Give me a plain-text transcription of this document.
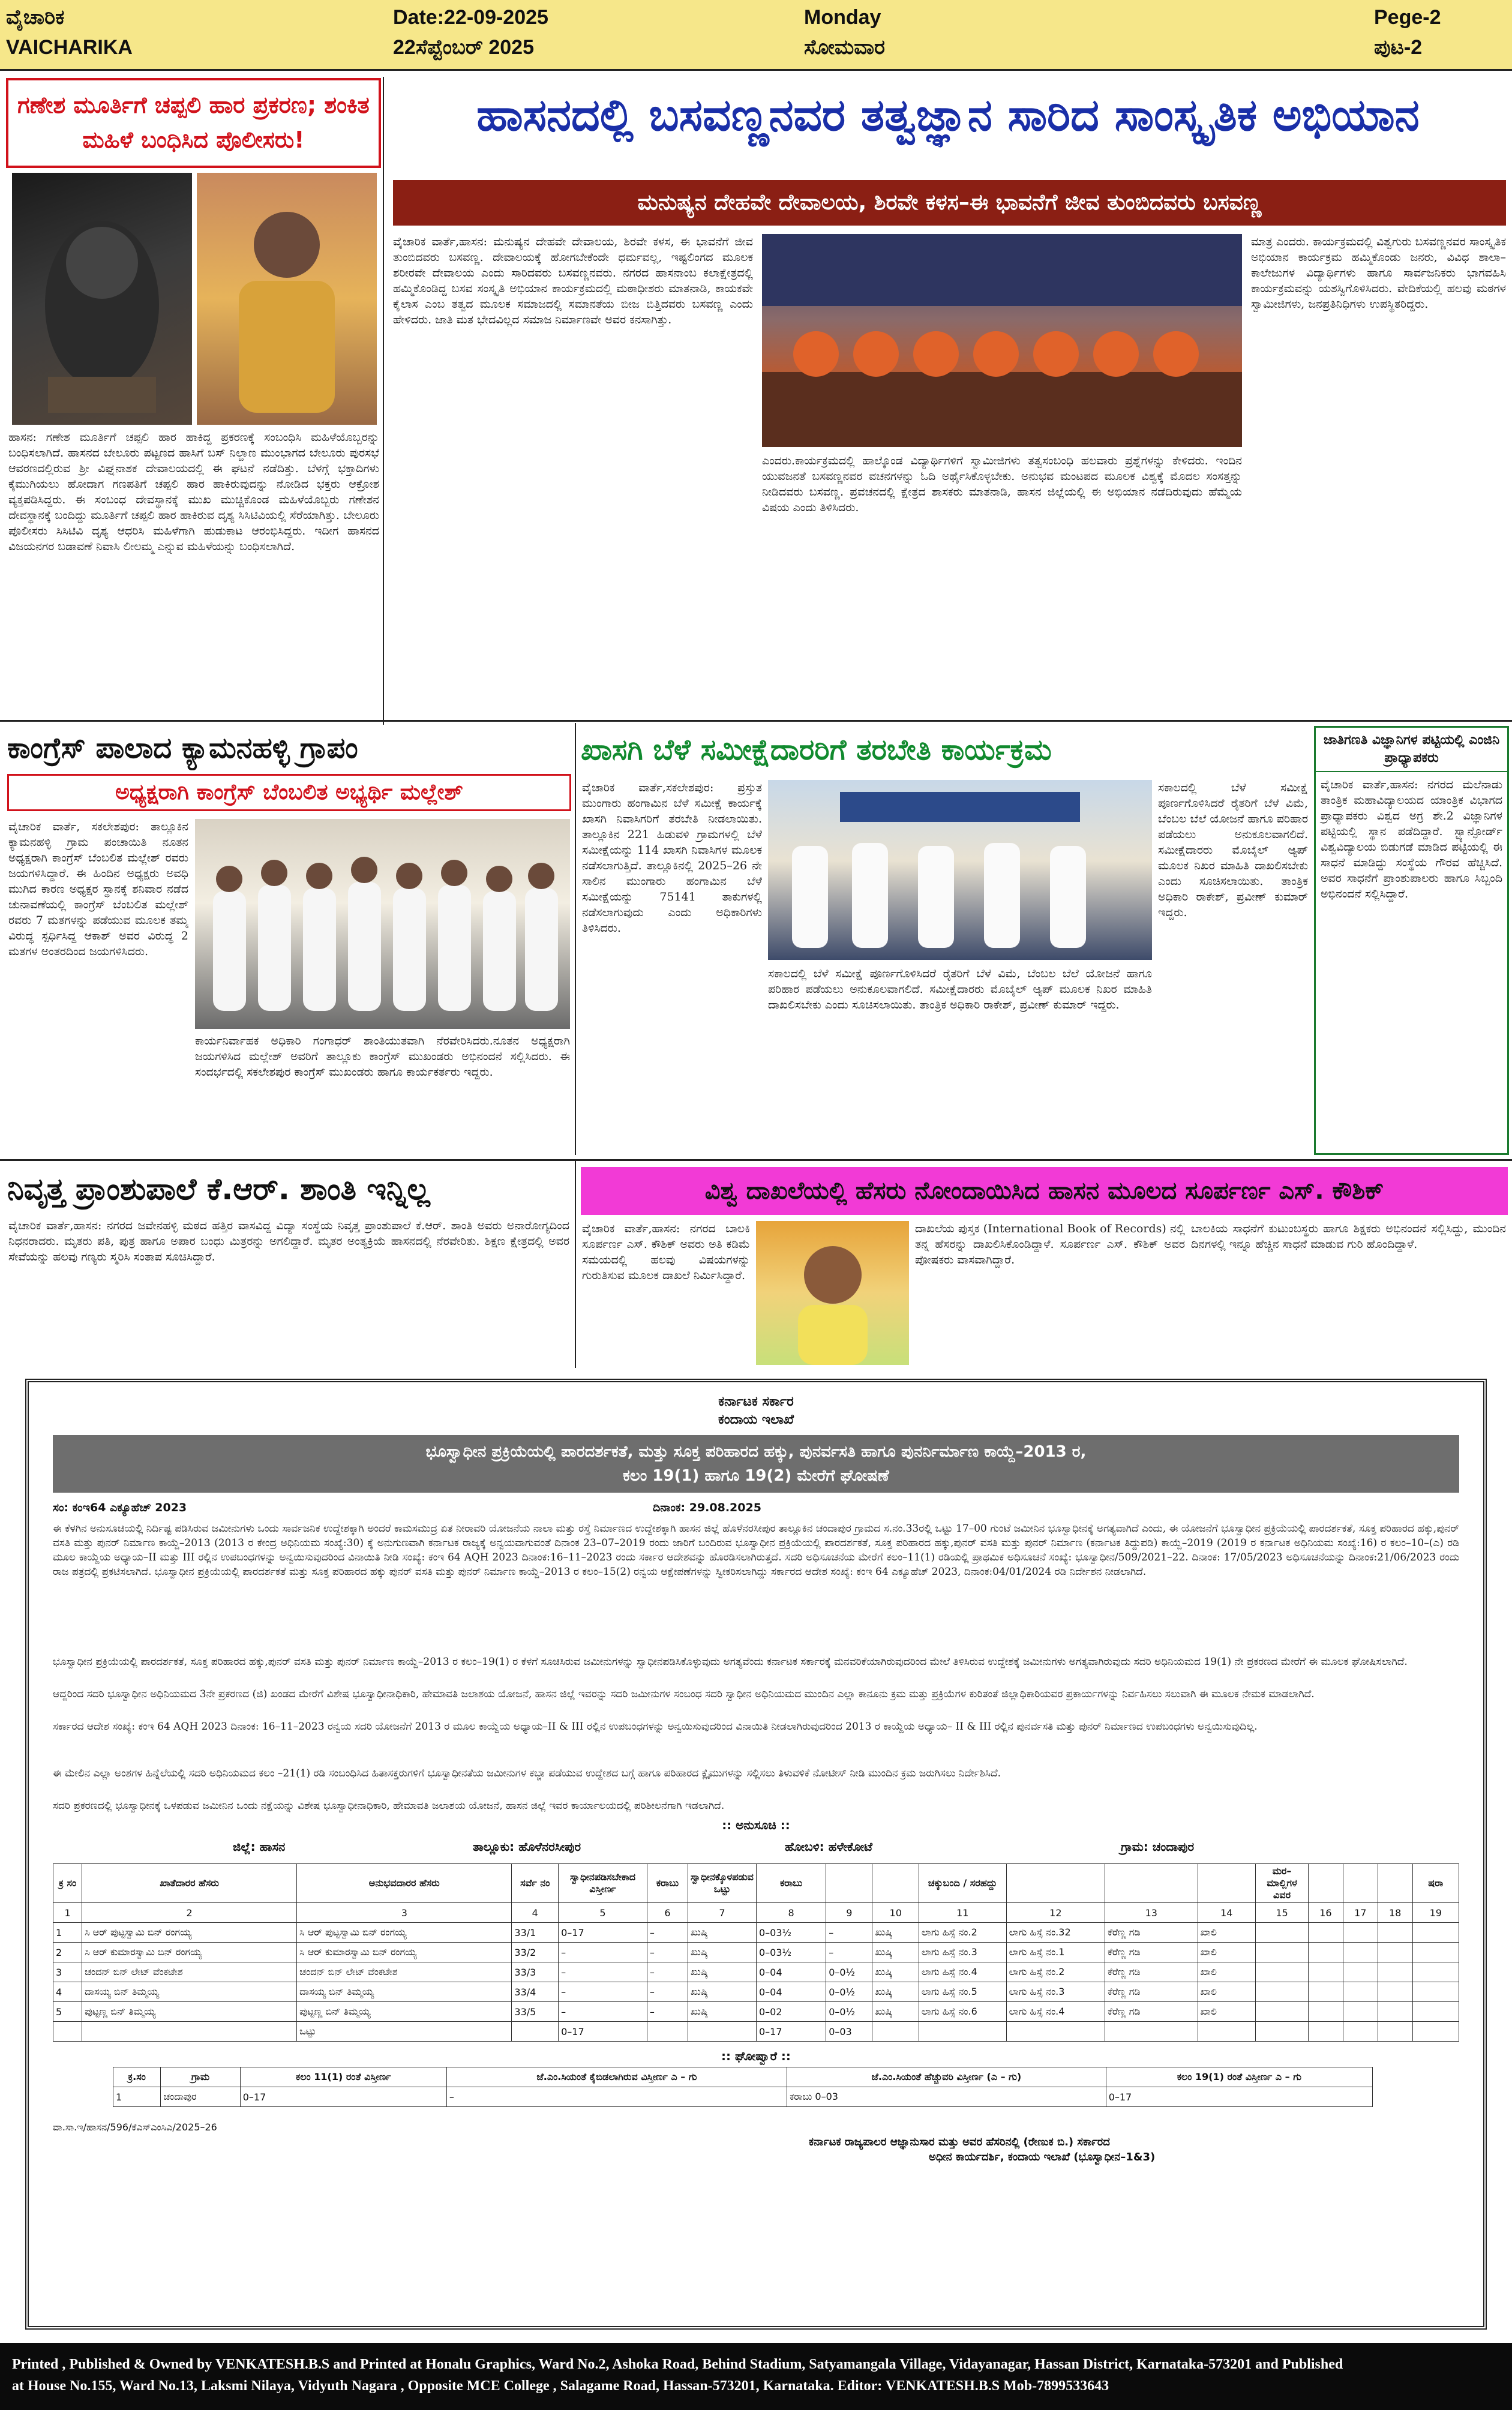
ವೈಚಾರಿಕ
VAICHARIKA
Date:22-09-2025
22ಸೆಪ್ಟೆಂಬರ್ 2025
Monday
ಸೋಮವಾರ
Pege-2
ಪುಟ-2
ಗಣೇಶ ಮೂರ್ತಿಗೆ ಚಪ್ಪಲಿ ಹಾರ ಪ್ರಕರಣ; ಶಂಕಿತ ಮಹಿಳೆ ಬಂಧಿಸಿದ ಪೊಲೀಸರು!
ಹಾಸನ: ಗಣೇಶ ಮೂರ್ತಿಗೆ ಚಪ್ಪಲಿ ಹಾರ ಹಾಕಿದ್ದ ಪ್ರಕರಣಕ್ಕೆ ಸಂಬಂಧಿಸಿ ಮಹಿಳೆಯೊಬ್ಬರನ್ನು ಬಂಧಿಸಲಾಗಿದೆ. ಹಾಸನದ ಬೇಲೂರು ಪಟ್ಟಣದ ಹಾಸಿಗೆ ಬಸ್ ನಿಲ್ದಾಣ ಮುಂಭಾಗದ ಬೇಲೂರು ಪುರಸಭೆ ಆವರಣದಲ್ಲಿರುವ ಶ್ರೀ ವಿಘ್ನನಾಶಕ ದೇವಾಲಯದಲ್ಲಿ ಈ ಘಟನೆ ನಡೆದಿತ್ತು. ಬೆಳಗ್ಗೆ ಭಕ್ತಾದಿಗಳು ಕೈಮುಗಿಯಲು ಹೋದಾಗ ಗಣಪತಿಗೆ ಚಪ್ಪಲಿ ಹಾರ ಹಾಕಿರುವುದನ್ನು ನೋಡಿದ ಭಕ್ತರು ಆಕ್ರೋಶ ವ್ಯಕ್ತಪಡಿಸಿದ್ದರು. ಈ ಸಂಬಂಧ ದೇವಸ್ಥಾನಕ್ಕೆ ಮುಖ ಮುಚ್ಚಿಕೊಂಡ ಮಹಿಳೆಯೊಬ್ಬರು ಗಣೇಶನ ದೇವಸ್ಥಾನಕ್ಕೆ ಬಂದಿದ್ದು ಮೂರ್ತಿಗೆ ಚಪ್ಪಲಿ ಹಾರ ಹಾಕಿರುವ ದೃಶ್ಯ ಸಿಸಿಟಿವಿಯಲ್ಲಿ ಸೆರೆಯಾಗಿತ್ತು. ಬೇಲೂರು ಪೊಲೀಸರು ಸಿಸಿಟಿವಿ ದೃಶ್ಯ ಆಧರಿಸಿ ಮಹಿಳೆಗಾಗಿ ಹುಡುಕಾಟ ಆರಂಭಿಸಿದ್ದರು. ಇದೀಗ ಹಾಸನದ ವಿಜಯನಗರ ಬಡಾವಣೆ ನಿವಾಸಿ ಲೀಲಮ್ಮ ಎನ್ನುವ ಮಹಿಳೆಯನ್ನು ಬಂಧಿಸಲಾಗಿದೆ.
ಹಾಸನದಲ್ಲಿ ಬಸವಣ್ಣನವರ ತತ್ವಜ್ಞಾನ ಸಾರಿದ ಸಾಂಸ್ಕೃತಿಕ ಅಭಿಯಾನ
ಮನುಷ್ಯನ ದೇಹವೇ ದೇವಾಲಯ, ಶಿರವೇ ಕಳಸ–ಈ ಭಾವನೆಗೆ ಜೀವ ತುಂಬಿದವರು ಬಸವಣ್ಣ
ವೈಚಾರಿಕ ವಾರ್ತೆ,ಹಾಸನ: ಮನುಷ್ಯನ ದೇಹವೇ ದೇವಾಲಯ, ಶಿರವೇ ಕಳಸ, ಈ ಭಾವನೆಗೆ ಜೀವ ತುಂಬಿದವರು ಬಸವಣ್ಣ. ದೇವಾಲಯಕ್ಕೆ ಹೋಗಬೇಕೆಂದೇ ಧರ್ಮವಲ್ಲ, ಇಷ್ಟಲಿಂಗದ ಮೂಲಕ ಶರೀರವೇ ದೇವಾಲಯ ಎಂದು ಸಾರಿದವರು ಬಸವಣ್ಣನವರು. ನಗರದ ಹಾಸನಾಂಬ ಕಲಾಕ್ಷೇತ್ರದಲ್ಲಿ ಹಮ್ಮಿಕೊಂಡಿದ್ದ ಬಸವ ಸಂಸ್ಕೃತಿ ಅಭಿಯಾನ ಕಾರ್ಯಕ್ರಮದಲ್ಲಿ ಮಠಾಧೀಶರು ಮಾತನಾಡಿ, ಕಾಯಕವೇ ಕೈಲಾಸ ಎಂಬ ತತ್ವದ ಮೂಲಕ ಸಮಾಜದಲ್ಲಿ ಸಮಾನತೆಯ ಬೀಜ ಬಿತ್ತಿದವರು ಬಸವಣ್ಣ ಎಂದು ಹೇಳಿದರು. ಜಾತಿ ಮತ ಭೇದವಿಲ್ಲದ ಸಮಾಜ ನಿರ್ಮಾಣವೇ ಅವರ ಕನಸಾಗಿತ್ತು.
ಎಂದರು.ಕಾರ್ಯಕ್ರಮದಲ್ಲಿ ಹಾಲ್ಕೊಂಡ ವಿದ್ಯಾರ್ಥಿಗಳಿಗೆ ಸ್ವಾಮೀಜಿಗಳು ತತ್ವಸಂಬಂಧಿ ಹಲವಾರು ಪ್ರಶ್ನೆಗಳನ್ನು ಕೇಳಿದರು. ಇಂದಿನ ಯುವಜನತೆ ಬಸವಣ್ಣನವರ ವಚನಗಳನ್ನು ಓದಿ ಅರ್ಥೈಸಿಕೊಳ್ಳಬೇಕು. ಅನುಭವ ಮಂಟಪದ ಮೂಲಕ ವಿಶ್ವಕ್ಕೆ ಮೊದಲ ಸಂಸತ್ತನ್ನು ನೀಡಿದವರು ಬಸವಣ್ಣ. ಪ್ರವಚನದಲ್ಲಿ ಕ್ಷೇತ್ರದ ಶಾಸಕರು ಮಾತನಾಡಿ, ಹಾಸನ ಜಿಲ್ಲೆಯಲ್ಲಿ ಈ ಅಭಿಯಾನ ನಡೆದಿರುವುದು ಹೆಮ್ಮೆಯ ವಿಷಯ ಎಂದು ತಿಳಿಸಿದರು.
ಮಾತ್ರ ಎಂದರು. ಕಾರ್ಯಕ್ರಮದಲ್ಲಿ ವಿಶ್ವಗುರು ಬಸವಣ್ಣನವರ ಸಾಂಸ್ಕೃತಿಕ ಅಭಿಯಾನ ಕಾರ್ಯಕ್ರಮ ಹಮ್ಮಿಕೊಂಡು ಜನರು, ವಿವಿಧ ಶಾಲಾ–ಕಾಲೇಜುಗಳ ವಿದ್ಯಾರ್ಥಿಗಳು ಹಾಗೂ ಸಾರ್ವಜನಿಕರು ಭಾಗವಹಿಸಿ ಕಾರ್ಯಕ್ರಮವನ್ನು ಯಶಸ್ವಿಗೊಳಿಸಿದರು. ವೇದಿಕೆಯಲ್ಲಿ ಹಲವು ಮಠಗಳ ಸ್ವಾಮೀಜಿಗಳು, ಜನಪ್ರತಿನಿಧಿಗಳು ಉಪಸ್ಥಿತರಿದ್ದರು.
ಕಾಂಗ್ರೆಸ್ ಪಾಲಾದ ಕ್ಯಾಮನಹಳ್ಳಿ ಗ್ರಾಪಂ
ಅಧ್ಯಕ್ಷರಾಗಿ ಕಾಂಗ್ರೆಸ್ ಬೆಂಬಲಿತ ಅಭ್ಯರ್ಥಿ ಮಲ್ಲೇಶ್
ವೈಚಾರಿಕ ವಾರ್ತೆ, ಸಕಲೇಶಪುರ: ತಾಲ್ಲೂಕಿನ ಕ್ಯಾಮನಹಳ್ಳಿ ಗ್ರಾಮ ಪಂಚಾಯಿತಿ ನೂತನ ಅಧ್ಯಕ್ಷರಾಗಿ ಕಾಂಗ್ರೆಸ್ ಬೆಂಬಲಿತ ಮಲ್ಲೇಶ್ ರವರು ಜಯಗಳಿಸಿದ್ದಾರೆ. ಈ ಹಿಂದಿನ ಅಧ್ಯಕ್ಷರು ಅವಧಿ ಮುಗಿದ ಕಾರಣ ಅಧ್ಯಕ್ಷರ ಸ್ಥಾನಕ್ಕೆ ಶನಿವಾರ ನಡೆದ ಚುನಾವಣೆಯಲ್ಲಿ ಕಾಂಗ್ರೆಸ್ ಬೆಂಬಲಿತ ಮಲ್ಲೇಶ್ ರವರು 7 ಮತಗಳನ್ನು ಪಡೆಯುವ ಮೂಲಕ ತಮ್ಮ ವಿರುದ್ಧ ಸ್ಪರ್ಧಿಸಿದ್ದ ಆಕಾಶ್ ಅವರ ವಿರುದ್ಧ 2 ಮತಗಳ ಅಂತರದಿಂದ ಜಯಗಳಿಸಿದರು.
ಕಾರ್ಯನಿರ್ವಾಹಕ ಅಧಿಕಾರಿ ಗಂಗಾಧರ್ ಶಾಂತಿಯುತವಾಗಿ ನೆರವೇರಿಸಿದರು.ನೂತನ ಅಧ್ಯಕ್ಷರಾಗಿ ಜಯಗಳಿಸಿದ ಮಲ್ಲೇಶ್ ಅವರಿಗೆ ತಾಲ್ಲೂಕು ಕಾಂಗ್ರೆಸ್ ಮುಖಂಡರು ಅಭಿನಂದನೆ ಸಲ್ಲಿಸಿದರು. ಈ ಸಂದರ್ಭದಲ್ಲಿ ಸಕಲೇಶಪುರ ಕಾಂಗ್ರೆಸ್ ಮುಖಂಡರು ಹಾಗೂ ಕಾರ್ಯಕರ್ತರು ಇದ್ದರು.
ಖಾಸಗಿ ಬೆಳೆ ಸಮೀಕ್ಷೆದಾರರಿಗೆ ತರಬೇತಿ ಕಾರ್ಯಕ್ರಮ
ವೈಚಾರಿಕ ವಾರ್ತೆ,ಸಕಲೇಶಪುರ: ಪ್ರಸ್ತುತ ಮುಂಗಾರು ಹಂಗಾಮಿನ ಬೆಳೆ ಸಮೀಕ್ಷೆ ಕಾರ್ಯಕ್ಕೆ ಖಾಸಗಿ ನಿವಾಸಿಗರಿಗೆ ತರಬೇತಿ ನೀಡಲಾಯಿತು. ತಾಲ್ಲೂಕಿನ 221 ಹಿಡುವಳಿ ಗ್ರಾಮಗಳಲ್ಲಿ ಬೆಳೆ ಸಮೀಕ್ಷೆಯನ್ನು 114 ಖಾಸಗಿ ನಿವಾಸಿಗಳ ಮೂಲಕ ನಡೆಸಲಾಗುತ್ತಿದೆ. ತಾಲ್ಲೂಕಿನಲ್ಲಿ 2025–26 ನೇ ಸಾಲಿನ ಮುಂಗಾರು ಹಂಗಾಮಿನ ಬೆಳೆ ಸಮೀಕ್ಷೆಯನ್ನು 75141 ತಾಕುಗಳಲ್ಲಿ ನಡೆಸಲಾಗುವುದು ಎಂದು ಅಧಿಕಾರಿಗಳು ತಿಳಿಸಿದರು.
ಸಕಾಲದಲ್ಲಿ ಬೆಳೆ ಸಮೀಕ್ಷೆ ಪೂರ್ಣಗೊಳಿಸಿದರೆ ರೈತರಿಗೆ ಬೆಳೆ ವಿಮೆ, ಬೆಂಬಲ ಬೆಲೆ ಯೋಜನೆ ಹಾಗೂ ಪರಿಹಾರ ಪಡೆಯಲು ಅನುಕೂಲವಾಗಲಿದೆ. ಸಮೀಕ್ಷೆದಾರರು ಮೊಬೈಲ್ ಆ್ಯಪ್ ಮೂಲಕ ನಿಖರ ಮಾಹಿತಿ ದಾಖಲಿಸಬೇಕು ಎಂದು ಸೂಚಿಸಲಾಯಿತು. ತಾಂತ್ರಿಕ ಅಧಿಕಾರಿ ರಾಕೇಶ್, ಪ್ರವೀಣ್ ಕುಮಾರ್ ಇದ್ದರು.
ಸಕಾಲದಲ್ಲಿ ಬೆಳೆ ಸಮೀಕ್ಷೆ ಪೂರ್ಣಗೊಳಿಸಿದರೆ ರೈತರಿಗೆ ಬೆಳೆ ವಿಮೆ, ಬೆಂಬಲ ಬೆಲೆ ಯೋಜನೆ ಹಾಗೂ ಪರಿಹಾರ ಪಡೆಯಲು ಅನುಕೂಲವಾಗಲಿದೆ. ಸಮೀಕ್ಷೆದಾರರು ಮೊಬೈಲ್ ಆ್ಯಪ್ ಮೂಲಕ ನಿಖರ ಮಾಹಿತಿ ದಾಖಲಿಸಬೇಕು ಎಂದು ಸೂಚಿಸಲಾಯಿತು. ತಾಂತ್ರಿಕ ಅಧಿಕಾರಿ ರಾಕೇಶ್, ಪ್ರವೀಣ್ ಕುಮಾರ್ ಇದ್ದರು.
ಜಾತಿಗಣತಿ ವಿಜ್ಞಾನಿಗಳ ಪಟ್ಟಿಯಲ್ಲಿ ಎಂಜಿನಿ ಪ್ರಾಧ್ಯಾಪಕರು
ವೈಚಾರಿಕ ವಾರ್ತೆ,ಹಾಸನ: ನಗರದ ಮಲೆನಾಡು ತಾಂತ್ರಿಕ ಮಹಾವಿದ್ಯಾಲಯದ ಯಾಂತ್ರಿಕ ವಿಭಾಗದ ಪ್ರಾಧ್ಯಾಪಕರು ವಿಶ್ವದ ಅಗ್ರ ಶೇ.2 ವಿಜ್ಞಾನಿಗಳ ಪಟ್ಟಿಯಲ್ಲಿ ಸ್ಥಾನ ಪಡೆದಿದ್ದಾರೆ. ಸ್ಟ್ಯಾನ್ಫೋರ್ಡ್ ವಿಶ್ವವಿದ್ಯಾಲಯ ಬಿಡುಗಡೆ ಮಾಡಿದ ಪಟ್ಟಿಯಲ್ಲಿ ಈ ಸಾಧನೆ ಮಾಡಿದ್ದು ಸಂಸ್ಥೆಯ ಗೌರವ ಹೆಚ್ಚಿಸಿದೆ. ಅವರ ಸಾಧನೆಗೆ ಪ್ರಾಂಶುಪಾಲರು ಹಾಗೂ ಸಿಬ್ಬಂದಿ ಅಭಿನಂದನೆ ಸಲ್ಲಿಸಿದ್ದಾರೆ.
ನಿವೃತ್ತ ಪ್ರಾಂಶುಪಾಲೆ ಕೆ.ಆರ್. ಶಾಂತಿ ಇನ್ನಿಲ್ಲ
ವೈಚಾರಿಕ ವಾರ್ತೆ,ಹಾಸನ: ನಗರದ ಜವೇನಹಳ್ಳಿ ಮಠದ ಹತ್ತಿರ ವಾಸವಿದ್ದ ವಿದ್ಯಾ ಸಂಸ್ಥೆಯ ನಿವೃತ್ತ ಪ್ರಾಂಶುಪಾಲೆ ಕೆ.ಆರ್. ಶಾಂತಿ ಅವರು ಅನಾರೋಗ್ಯದಿಂದ ನಿಧನರಾದರು. ಮೃತರು ಪತಿ, ಪುತ್ರ ಹಾಗೂ ಅಪಾರ ಬಂಧು ಮಿತ್ರರನ್ನು ಅಗಲಿದ್ದಾರೆ. ಮೃತರ ಅಂತ್ಯಕ್ರಿಯೆ ಹಾಸನದಲ್ಲಿ ನೆರವೇರಿತು. ಶಿಕ್ಷಣ ಕ್ಷೇತ್ರದಲ್ಲಿ ಅವರ ಸೇವೆಯನ್ನು ಹಲವು ಗಣ್ಯರು ಸ್ಮರಿಸಿ ಸಂತಾಪ ಸೂಚಿಸಿದ್ದಾರೆ.
ವಿಶ್ವ ದಾಖಲೆಯಲ್ಲಿ ಹೆಸರು ನೋಂದಾಯಿಸಿದ ಹಾಸನ ಮೂಲದ ಸೂರ್ಪರ್ಣ ಎಸ್. ಕೌಶಿಕ್
ವೈಚಾರಿಕ ವಾರ್ತೆ,ಹಾಸನ: ನಗರದ ಬಾಲಕಿ ಸೂರ್ಪರ್ಣ ಎಸ್. ಕೌಶಿಕ್ ಅವರು ಅತಿ ಕಡಿಮೆ ಸಮಯದಲ್ಲಿ ಹಲವು ವಿಷಯಗಳನ್ನು ಗುರುತಿಸುವ ಮೂಲಕ ದಾಖಲೆ ನಿರ್ಮಿಸಿದ್ದಾರೆ.
ದಾಖಲೆಯ ಪುಸ್ತಕ (International Book of Records) ನಲ್ಲಿ ತನ್ನ ಹೆಸರನ್ನು ದಾಖಲಿಸಿಕೊಂಡಿದ್ದಾಳೆ. ಸೂರ್ಪರ್ಣ ಎಸ್. ಕೌಶಿಕ್ ಅವರ ಪೋಷಕರು ವಾಸವಾಗಿದ್ದಾರೆ.
ಬಾಲಕಿಯ ಸಾಧನೆಗೆ ಕುಟುಂಬಸ್ಥರು ಹಾಗೂ ಶಿಕ್ಷಕರು ಅಭಿನಂದನೆ ಸಲ್ಲಿಸಿದ್ದು, ಮುಂದಿನ ದಿನಗಳಲ್ಲಿ ಇನ್ನೂ ಹೆಚ್ಚಿನ ಸಾಧನೆ ಮಾಡುವ ಗುರಿ ಹೊಂದಿದ್ದಾಳೆ.
ಕರ್ನಾಟಕ ಸರ್ಕಾರ
ಕಂದಾಯ ಇಲಾಖೆ
ಭೂಸ್ವಾಧೀನ ಪ್ರಕ್ರಿಯೆಯಲ್ಲಿ ಪಾರದರ್ಶಕತೆ, ಮತ್ತು ಸೂಕ್ತ ಪರಿಹಾರದ ಹಕ್ಕು, ಪುನರ್ವಸತಿ ಹಾಗೂ ಪುನರ್ನಿರ್ಮಾಣ ಕಾಯ್ದೆ–2013 ರ,
ಕಲಂ 19(1) ಹಾಗೂ 19(2) ಮೇರೆಗೆ ಘೋಷಣೆ
ಸಂ: ಕಂಇ64 ಎಕ್ಯೂಹೆಚ್ 2023	ದಿನಾಂಕ: 29.08.2025
ಈ ಕೆಳಗಿನ ಅನುಸೂಚಿಯಲ್ಲಿ ನಿರ್ದಿಷ್ಟ ಪಡಿಸಿರುವ ಜಮೀನುಗಳು ಒಂದು ಸಾರ್ವಜನಿಕ ಉದ್ದೇಶಕ್ಕಾಗಿ ಅಂದರೆ ಕಾಮಸಮುದ್ರ ಏತ ನೀರಾವರಿ ಯೋಜನೆಯ ನಾಲಾ ಮತ್ತು ರಸ್ತೆ ನಿರ್ಮಾಣದ ಉದ್ದೇಶಕ್ಕಾಗಿ ಹಾಸನ ಜಿಲ್ಲೆ ಹೊಳೆನರಸೀಪುರ ತಾಲ್ಲೂಕಿನ ಚಂದಾಪುರ ಗ್ರಾಮದ ಸ.ನಂ.33ರಲ್ಲಿ ಒಟ್ಟು 17–00 ಗುಂಟೆ ಜಮೀನಿನ ಭೂಸ್ವಾಧೀನಕ್ಕೆ ಅಗತ್ಯವಾಗಿದೆ ಎಂದು, ಈ ಯೋಜನೆಗೆ ಭೂಸ್ವಾಧೀನ ಪ್ರಕ್ರಿಯೆಯಲ್ಲಿ ಪಾರದರ್ಶಕತೆ, ಸೂಕ್ತ ಪರಿಹಾರದ ಹಕ್ಕು,ಪುನರ್ ವಸತಿ ಮತ್ತು ಪುನರ್ ನಿರ್ಮಾಣ ಕಾಯ್ದೆ–2013 (2013 ರ ಕೇಂದ್ರ ಅಧಿನಿಯಮ ಸಂಖ್ಯೆ:30) ಕ್ಕೆ ಅನುಗುಣವಾಗಿ ಕರ್ನಾಟಕ ರಾಜ್ಯಕ್ಕೆ ಅನ್ವಯವಾಗುವಂತೆ ದಿನಾಂಕ 23–07–2019 ರಂದು ಜಾರಿಗೆ ಬಂದಿರುವ ಭೂಸ್ವಾಧೀನ ಪ್ರಕ್ರಿಯೆಯಲ್ಲಿ ಪಾರದರ್ಶಕತೆ, ಸೂಕ್ತ ಪರಿಹಾರದ ಹಕ್ಕು,ಪುನರ್ ವಸತಿ ಮತ್ತು ಪುನರ್ ನಿರ್ಮಾಣ (ಕರ್ನಾಟಕ ತಿದ್ದುಪಡಿ) ಕಾಯ್ದೆ–2019 (2019 ರ ಕರ್ನಾಟಕ ಅಧಿನಿಯಮ ಸಂಖ್ಯೆ:16) ರ ಕಲಂ–10–(ಎ) ರಡಿ ಮೂಲ ಕಾಯ್ದೆಯ ಅಧ್ಯಾಯ–II ಮತ್ತು III ರಲ್ಲಿನ ಉಪಬಂಧಗಳನ್ನು ಅನ್ವಯಿಸುವುದರಿಂದ ವಿನಾಯಿತಿ ನೀಡಿ ಸಂಖ್ಯೆ: ಕಂಇ 64 AQH 2023 ದಿನಾಂಕ:16–11–2023 ರಂದು ಸರ್ಕಾರ ಆದೇಶವನ್ನು ಹೊರಡಿಸಲಾಗಿರುತ್ತದೆ. ಸದರಿ ಅಧಿಸೂಚನೆಯ ಮೇರೆಗೆ ಕಲಂ–11(1) ರಡಿಯಲ್ಲಿ ಪ್ರಾಥಮಿಕ ಅಧಿಸೂಚನೆ ಸಂಖ್ಯೆ: ಭೂಸ್ವಾಧೀನ/509/2021–22. ದಿನಾಂಕ: 17/05/2023 ಅಧಿಸೂಚನೆಯನ್ನು ದಿನಾಂಕ:21/06/2023 ರಂದು ರಾಜ ಪತ್ರದಲ್ಲಿ ಪ್ರಕಟಿಸಲಾಗಿದೆ. ಭೂಸ್ವಾಧೀನ ಪ್ರಕ್ರಿಯೆಯಲ್ಲಿ ಪಾರದರ್ಶಕತೆ ಮತ್ತು ಸೂಕ್ತ ಪರಿಹಾರದ ಹಕ್ಕು ಪುನರ್ ವಸತಿ ಮತ್ತು ಪುನರ್ ನಿರ್ಮಾಣ ಕಾಯ್ದೆ–2013 ರ ಕಲಂ–15(2) ರನ್ವಯ ಆಕ್ಷೇಪಣೆಗಳನ್ನು ಸ್ವೀಕರಿಸಲಾಗಿದ್ದು ಸರ್ಕಾರದ ಆದೇಶ ಸಂಖ್ಯೆ: ಕಂಇ 64 ಎಕ್ಯೂಹೆಚ್ 2023, ದಿನಾಂಕ:04/01/2024 ರಡಿ ನಿರ್ದೇಶನ ನೀಡಲಾಗಿದೆ.
ಭೂಸ್ವಾಧೀನ ಪ್ರಕ್ರಿಯೆಯಲ್ಲಿ ಪಾರದರ್ಶಕತೆ, ಸೂಕ್ತ ಪರಿಹಾರದ ಹಕ್ಕು,ಪುನರ್ ವಸತಿ ಮತ್ತು ಪುನರ್ ನಿರ್ಮಾಣ ಕಾಯ್ದೆ–2013 ರ ಕಲಂ–19(1) ರ ಕೆಳಗೆ ಸೂಚಿಸಿರುವ ಜಮೀನುಗಳನ್ನು ಸ್ವಾಧೀನಪಡಿಸಿಕೊಳ್ಳುವುದು ಅಗತ್ಯವೆಂದು ಕರ್ನಾಟಕ ಸರ್ಕಾರಕ್ಕೆ ಮನವರಿಕೆಯಾಗಿರುವುದರಿಂದ ಮೇಲೆ ತಿಳಿಸಿರುವ ಉದ್ದೇಶಕ್ಕೆ ಜಮೀನುಗಳು ಅಗತ್ಯವಾಗಿರುವುದು ಸದರಿ ಅಧಿನಿಯಮದ 19(1) ನೇ ಪ್ರಕರಣದ ಮೇರೆಗೆ ಈ ಮೂಲಕ ಘೋಷಿಸಲಾಗಿದೆ.
ಆದ್ದರಿಂದ ಸದರಿ ಭೂಸ್ವಾಧೀನ ಅಧಿನಿಯಮದ 3ನೇ ಪ್ರಕರಣದ (ಜಿ) ಖಂಡದ ಮೇರೆಗೆ ವಿಶೇಷ ಭೂಸ್ವಾಧೀನಾಧಿಕಾರಿ, ಹೇಮಾವತಿ ಜಲಾಶಯ ಯೋಜನೆ, ಹಾಸನ ಜಿಲ್ಲೆ ಇವರನ್ನು ಸದರಿ ಜಮೀನುಗಳ ಸಂಬಂಧ ಸದರಿ ಸ್ವಾಧೀನ ಅಧಿನಿಯಮದ ಮುಂದಿನ ಎಲ್ಲಾ ಕಾನೂನು ಕ್ರಮ ಮತ್ತು ಪ್ರಕ್ರಿಯೆಗಳ ಕುರಿತಂತೆ ಜಿಲ್ಲಾಧಿಕಾರಿಯವರ ಪ್ರಕಾರ್ಯಗಳನ್ನು ನಿರ್ವಹಿಸಲು ಸಲುವಾಗಿ ಈ ಮೂಲಕ ನೇಮಕ ಮಾಡಲಾಗಿದೆ.
ಸರ್ಕಾರದ ಆದೇಶ ಸಂಖ್ಯೆ: ಕಂಇ 64 AQH 2023 ದಿನಾಂಕ: 16–11–2023 ರನ್ವಯ ಸದರಿ ಯೋಜನೆಗೆ 2013 ರ ಮೂಲ ಕಾಯ್ದೆಯ ಅಧ್ಯಾಯ–II & III ರಲ್ಲಿನ ಉಪಬಂಧಗಳನ್ನು ಅನ್ವಯಿಸುವುದರಿಂದ ವಿನಾಯಿತಿ ನೀಡಲಾಗಿರುವುದರಿಂದ 2013 ರ ಕಾಯ್ದೆಯ ಅಧ್ಯಾಯ– II & III ರಲ್ಲಿನ ಪುನರ್ವಸತಿ ಮತ್ತು ಪುನರ್ ನಿರ್ಮಾಣದ ಉಪಬಂಧಗಳು ಅನ್ವಯಿಸುವುದಿಲ್ಲ.
ಈ ಮೇಲಿನ ಎಲ್ಲಾ ಅಂಶಗಳ ಹಿನ್ನೆಲೆಯಲ್ಲಿ ಸದರಿ ಅಧಿನಿಯಮದ ಕಲಂ –21(1) ರಡಿ ಸಂಬಂಧಿಸಿದ ಹಿತಾಸಕ್ತರುಗಳಿಗೆ ಭೂಸ್ವಾಧೀನತೆಯ ಜಮೀನುಗಳ ಕಬ್ಜಾ ಪಡೆಯುವ ಉದ್ದೇಶದ ಬಗ್ಗೆ ಹಾಗೂ ಪರಿಹಾರದ ಕ್ಲೈಮುಗಳನ್ನು ಸಲ್ಲಿಸಲು ತಿಳುವಳಿಕೆ ನೋಟೀಸ್ ನೀಡಿ ಮುಂದಿನ ಕ್ರಮ ಜರುಗಿಸಲು ನಿರ್ದೇಶಿಸಿದೆ.
ಸದರಿ ಪ್ರಕರಣದಲ್ಲಿ ಭೂಸ್ವಾಧೀನಕ್ಕೆ ಒಳಪಡುವ ಜಮೀನಿನ ಒಂದು ನಕ್ಷೆಯನ್ನು ವಿಶೇಷ ಭೂಸ್ವಾಧೀನಾಧಿಕಾರಿ, ಹೇಮಾವತಿ ಜಲಾಶಯ ಯೋಜನೆ, ಹಾಸನ ಜಿಲ್ಲೆ ಇವರ ಕಾರ್ಯಾಲಯದಲ್ಲಿ ಪರಿಶೀಲನೆಗಾಗಿ ಇಡಲಾಗಿದೆ.
:: ಅನುಸೂಚಿ ::
ಜಿಲ್ಲೆ: ಹಾಸನ	ತಾಲ್ಲೂಕು: ಹೊಳೆನರಸೀಪುರ	ಹೋಬಳಿ: ಹಳೇಕೋಟೆ	ಗ್ರಾಮ: ಚಂದಾಪುರ
ಕ್ರ ಸಂ	ಖಾತೆದಾರರ ಹೆಸರು	ಅನುಭವದಾರರ ಹೆಸರು	ಸರ್ವೆ ನಂ	ಸ್ವಾಧೀನಪಡಿಸಬೇಕಾದ ವಿಸ್ತೀರ್ಣ	ಕರಾಬು	ಸ್ವಾಧೀನಕ್ಕೊಳಪಡುವ ಒಟ್ಟು	ಕರಾಬು			ಚಕ್ಕುಬಂದಿ / ಸರಹದ್ದು				ಮರ–ಮಾಲ್ಲಿಗಳ ವಿವರ				ಷರಾ
1	2	3	4	5	6	7	8	9	10	11	12	13	14	15	16	17	18	19
1	ಸಿ ಆರ್ ಪುಟ್ಟಸ್ವಾಮಿ ಬಿನ್ ರಂಗಯ್ಯ	ಸಿ ಆರ್ ಪುಟ್ಟಸ್ವಾಮಿ ಬಿನ್ ರಂಗಯ್ಯ	33/1	0–17	–	ಖುಷ್ಕಿ	0–03½	–	ಖುಷ್ಕಿ	ಲಾಗು ಹಿಸ್ಸೆ ನಂ.2	ಲಾಗು ಹಿಸ್ಸೆ ನಂ.32	ಕೆರೆಣ್ಣ ಗಡಿ	ಖಾಲಿ					
2	ಸಿ ಆರ್ ಕುಮಾರಸ್ವಾಮಿ ಬಿನ್ ರಂಗಯ್ಯ	ಸಿ ಆರ್ ಕುಮಾರಸ್ವಾಮಿ ಬಿನ್ ರಂಗಯ್ಯ	33/2	–	–	ಖುಷ್ಕಿ	0–03½	–	ಖುಷ್ಕಿ	ಲಾಗು ಹಿಸ್ಸೆ ನಂ.3	ಲಾಗು ಹಿಸ್ಸೆ ನಂ.1	ಕೆರೆಣ್ಣ ಗಡಿ	ಖಾಲಿ					
3	ಚಂದನ್ ಬಿನ್ ಲೇಟ್ ವೆಂಕಟೇಶ	ಚಂದನ್ ಬಿನ್ ಲೇಟ್ ವೆಂಕಟೇಶ	33/3	–	–	ಖುಷ್ಕಿ	0–04	0–0½	ಖುಷ್ಕಿ	ಲಾಗು ಹಿಸ್ಸೆ ನಂ.4	ಲಾಗು ಹಿಸ್ಸೆ ನಂ.2	ಕೆರೆಣ್ಣ ಗಡಿ	ಖಾಲಿ					
4	ದಾಸಯ್ಯ ಬಿನ್ ತಿಮ್ಮಯ್ಯ	ದಾಸಯ್ಯ ಬಿನ್ ತಿಮ್ಮಯ್ಯ	33/4	–	–	ಖುಷ್ಕಿ	0–04	0–0½	ಖುಷ್ಕಿ	ಲಾಗು ಹಿಸ್ಸೆ ನಂ.5	ಲಾಗು ಹಿಸ್ಸೆ ನಂ.3	ಕೆರೆಣ್ಣ ಗಡಿ	ಖಾಲಿ					
5	ಪುಟ್ಟಣ್ಣ ಬಿನ್ ತಿಮ್ಮಯ್ಯ	ಪುಟ್ಟಣ್ಣ ಬಿನ್ ತಿಮ್ಮಯ್ಯ	33/5	–	–	ಖುಷ್ಕಿ	0–02	0–0½	ಖುಷ್ಕಿ	ಲಾಗು ಹಿಸ್ಸೆ ನಂ.6	ಲಾಗು ಹಿಸ್ಸೆ ನಂ.4	ಕೆರೆಣ್ಣ ಗಡಿ	ಖಾಲಿ					
		ಒಟ್ಟು		0–17			0–17	0–03										
:: ಘೋಷ್ವಾರೆ ::
ಕ್ರ.ಸಂ	ಗ್ರಾಮ	ಕಲಂ 11(1) ರಂತೆ ವಿಸ್ತೀರ್ಣ	ಜೆ.ಎಂ.ಸಿಯಂತೆ ಕೈಬಿಡಲಾಗಿರುವ ವಿಸ್ತೀರ್ಣ ಎ – ಗು	ಜೆ.ಎಂ.ಸಿಯಂತೆ ಹೆಚ್ಚುವರಿ ವಿಸ್ತೀರ್ಣ (ಎ – ಗು)	ಕಲಂ 19(1) ರಂತೆ ವಿಸ್ತೀರ್ಣ ಎ – ಗು
1	ಚಂದಾಪುರ	0–17	–	ಕರಾಬು 0–03	0–17
ವಾ.ಸಾ.ಇ/ಹಾಸನ/596/ಕೆಎಸ್ಎಂಸಿಎ/2025–26
ಕರ್ನಾಟಕ ರಾಜ್ಯಪಾಲರ ಆಜ್ಞಾನುಸಾರ ಮತ್ತು ಅವರ ಹೆಸರಿನಲ್ಲಿ (ರೇಣುಕ ಬಿ.) ಸರ್ಕಾರದ
ಅಧೀನ ಕಾರ್ಯದರ್ಶಿ, ಕಂದಾಯ ಇಲಾಖೆ (ಭೂಸ್ವಾಧೀನ–1&3)
Printed , Published & Owned by VENKATESH.B.S and Printed at Honalu Graphics, Ward No.2, Ashoka Road, Behind Stadium, Satyamangala Village, Vidayanagar, Hassan District, Karnataka-573201 and Published
at House No.155, Ward No.13, Laksmi Nilaya, Vidyuth Nagara , Opposite MCE College , Salagame Road, Hassan-573201, Karnataka. Editor: VENKATESH.B.S Mob-7899533643
